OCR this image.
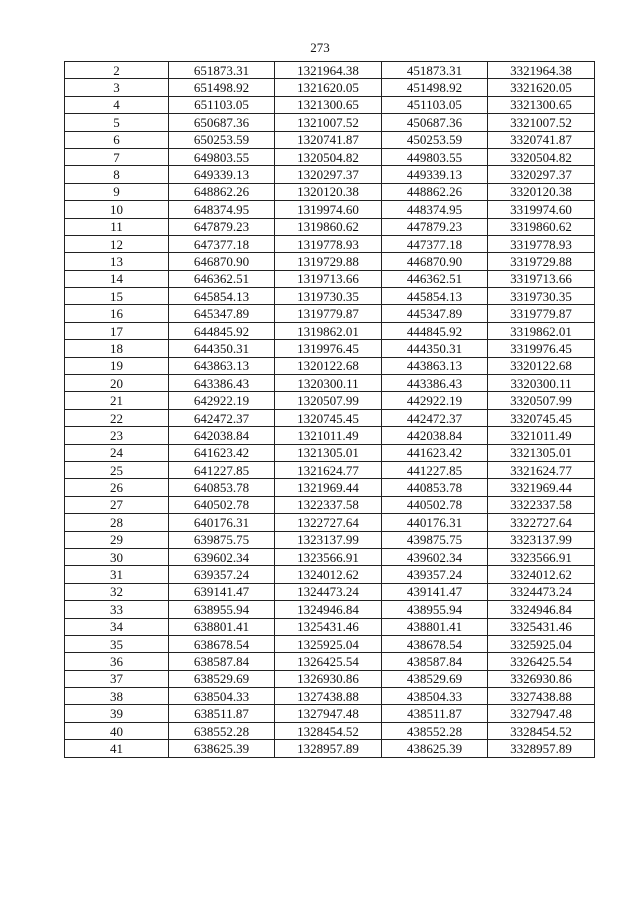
273
2	651873.31	1321964.38	451873.31	3321964.38
3	651498.92	1321620.05	451498.92	3321620.05
4	651103.05	1321300.65	451103.05	3321300.65
5	650687.36	1321007.52	450687.36	3321007.52
6	650253.59	1320741.87	450253.59	3320741.87
7	649803.55	1320504.82	449803.55	3320504.82
8	649339.13	1320297.37	449339.13	3320297.37
9	648862.26	1320120.38	448862.26	3320120.38
10	648374.95	1319974.60	448374.95	3319974.60
11	647879.23	1319860.62	447879.23	3319860.62
12	647377.18	1319778.93	447377.18	3319778.93
13	646870.90	1319729.88	446870.90	3319729.88
14	646362.51	1319713.66	446362.51	3319713.66
15	645854.13	1319730.35	445854.13	3319730.35
16	645347.89	1319779.87	445347.89	3319779.87
17	644845.92	1319862.01	444845.92	3319862.01
18	644350.31	1319976.45	444350.31	3319976.45
19	643863.13	1320122.68	443863.13	3320122.68
20	643386.43	1320300.11	443386.43	3320300.11
21	642922.19	1320507.99	442922.19	3320507.99
22	642472.37	1320745.45	442472.37	3320745.45
23	642038.84	1321011.49	442038.84	3321011.49
24	641623.42	1321305.01	441623.42	3321305.01
25	641227.85	1321624.77	441227.85	3321624.77
26	640853.78	1321969.44	440853.78	3321969.44
27	640502.78	1322337.58	440502.78	3322337.58
28	640176.31	1322727.64	440176.31	3322727.64
29	639875.75	1323137.99	439875.75	3323137.99
30	639602.34	1323566.91	439602.34	3323566.91
31	639357.24	1324012.62	439357.24	3324012.62
32	639141.47	1324473.24	439141.47	3324473.24
33	638955.94	1324946.84	438955.94	3324946.84
34	638801.41	1325431.46	438801.41	3325431.46
35	638678.54	1325925.04	438678.54	3325925.04
36	638587.84	1326425.54	438587.84	3326425.54
37	638529.69	1326930.86	438529.69	3326930.86
38	638504.33	1327438.88	438504.33	3327438.88
39	638511.87	1327947.48	438511.87	3327947.48
40	638552.28	1328454.52	438552.28	3328454.52
41	638625.39	1328957.89	438625.39	3328957.89
